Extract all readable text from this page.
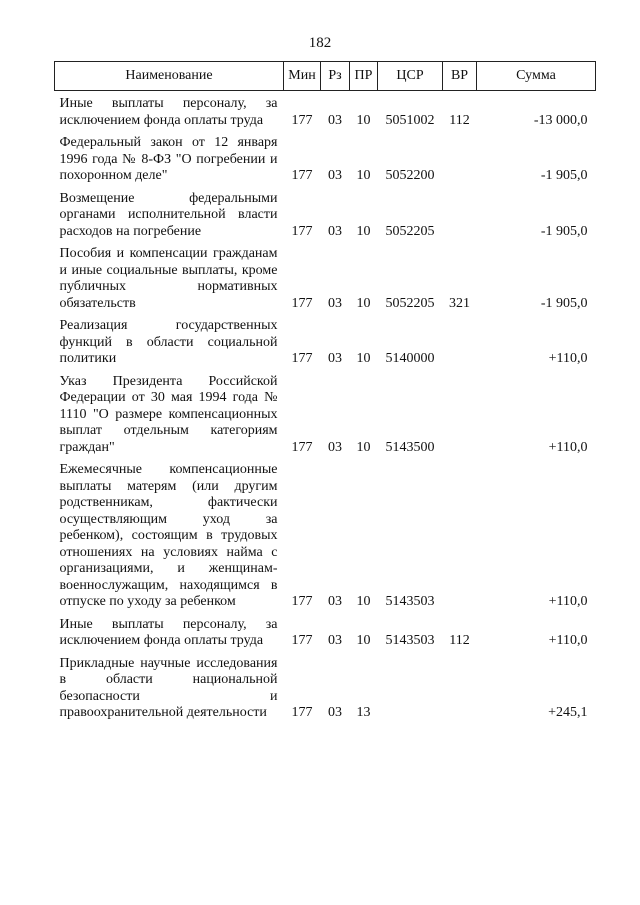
182
Наименование	Мин	Рз	ПР	ЦСР	ВР	Сумма
Иные выплаты персоналу, за исключением фонда оплаты труда	177	03	10	5051002	112	-13 000,0
Федеральный закон от 12 января 1996 года № 8-ФЗ "О погребении и похоронном деле"	177	03	10	5052200		-1 905,0
Возмещение федеральными органами исполнительной власти расходов на погребение	177	03	10	5052205		-1 905,0
Пособия и компенсации гражданам и иные социальные выплаты, кроме публичных нормативных обязательств	177	03	10	5052205	321	-1 905,0
Реализация государственных функций в области социальной политики	177	03	10	5140000		+110,0
Указ Президента Российской Федерации от 30 мая 1994 года № 1110 "О размере компенсационных выплат отдельным категориям граждан"	177	03	10	5143500		+110,0
Ежемесячные компенсационные выплаты матерям (или другим родственникам, фактически осуществляющим уход за ребенком), состоящим в трудовых отношениях на условиях найма с организациями, и женщинам-военнослужащим, находящимся в отпуске по уходу за ребенком	177	03	10	5143503		+110,0
Иные выплаты персоналу, за исключением фонда оплаты труда	177	03	10	5143503	112	+110,0
Прикладные научные исследования в области национальной безопасности и правоохранительной деятельности	177	03	13			+245,1
